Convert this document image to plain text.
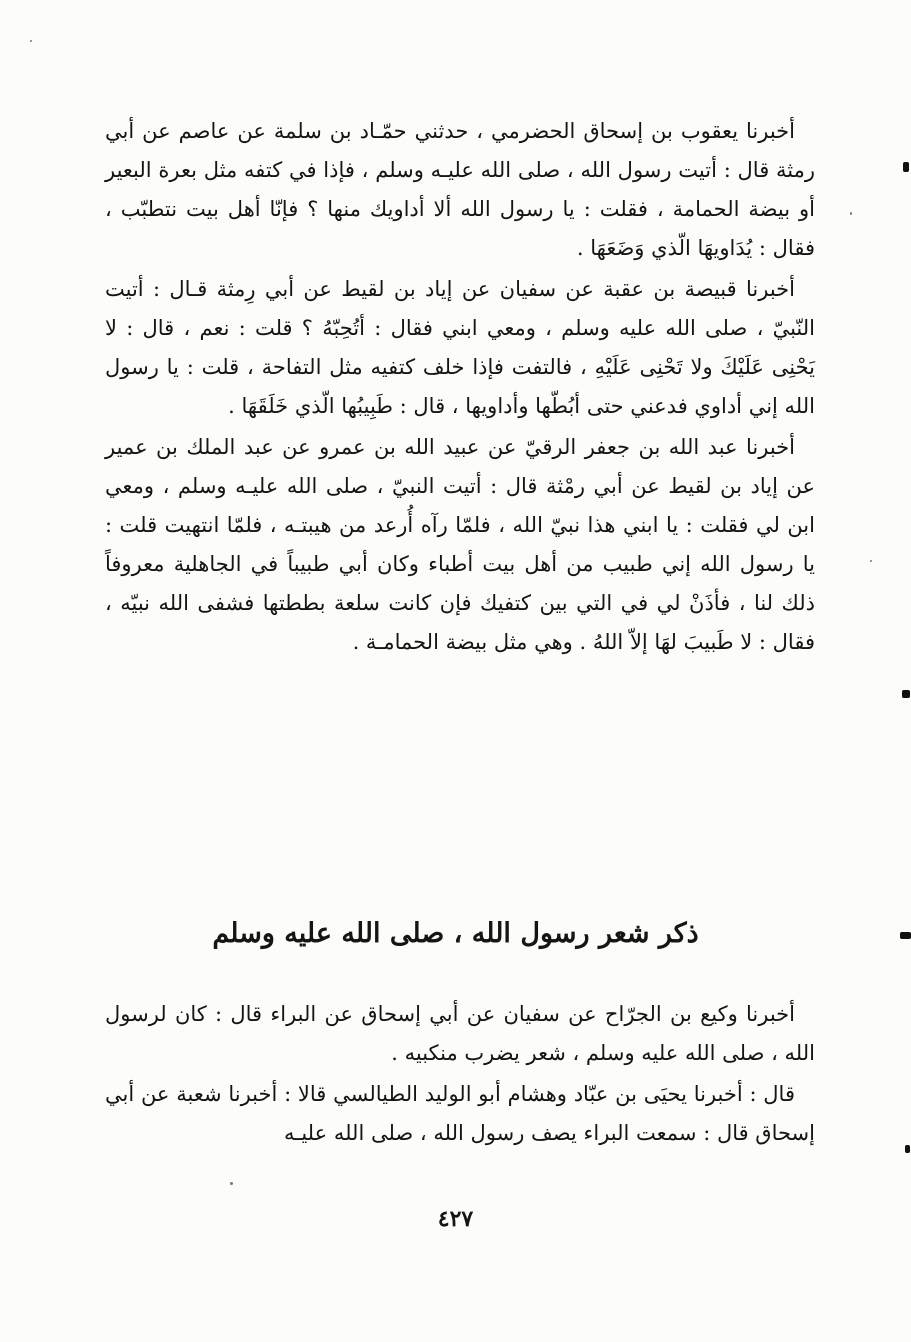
أخبرنا يعقوب بن إسحاق الحضرمي ، حدثني حمّـاد بن سلمة عن عاصم عن أبي رمثة قال : أتيت رسول الله ، صلى الله عليـه وسلم ، فإذا في كتفه مثل بعرة البعير أو بيضة الحمامة ، فقلت : يا رسول الله ألا أداويك منها ؟ فإنّا أهل بيت نتطبّب ، فقال : يُدَاويهَا الّذي وَضَعَهَا .

أخبرنا قبيصة بن عقبة عن سفيان عن إياد بن لقيط عن أبي رِمثة قـال : أتيت النّبيّ ، صلى الله عليه وسلم ، ومعي ابني فقال : أتُحِبّهُ ؟ قلت : نعم ، قال : لا يَحْنِى عَلَيْكَ ولا تَحْنِى عَلَيْهِ ، فالتفت فإذا خلف كتفيه مثل التفاحة ، قلت : يا رسول الله إني أداوي فدعني حتى أبُطّها وأداويها ، قال : طَبِيبُها الّذي خَلَقَهَا .

أخبرنا عبد الله بن جعفر الرقيّ عن عبيد الله بن عمرو عن عبد الملك بن عمير عن إياد بن لقيط عن أبي رمْثة قال : أتيت النبيّ ، صلى الله عليـه وسلم ، ومعي ابن لي فقلت : يا ابني هذا نبيّ الله ، فلمّا رآه أُرعد من هيبتـه ، فلمّا انتهيت قلت : يا رسول الله إني طبيب من أهل بيت أطباء وكان أبي طبيباً في الجاهلية معروفاً ذلك لنا ، فأذَنْ لي في التي بين كتفيك فإن كانت سلعة بططتها فشفى الله نبيّه ، فقال : لا طَبيبَ لهَا إلاّ اللهُ . وهي مثل بيضة الحمامـة .

ذكر شعر رسول الله ، صلى الله عليه وسلم

أخبرنا وكيع بن الجرّاح عن سفيان عن أبي إسحاق عن البراء قال : كان لرسول الله ، صلى الله عليه وسلم ، شعر يضرب منكبيه .

قال : أخبرنا يحيَى بن عبّاد وهشام أبو الوليد الطيالسي قالا : أخبرنا شعبة عن أبي إسحاق قال : سمعت البراء يصف رسول الله ، صلى الله عليـه

٤٢٧
